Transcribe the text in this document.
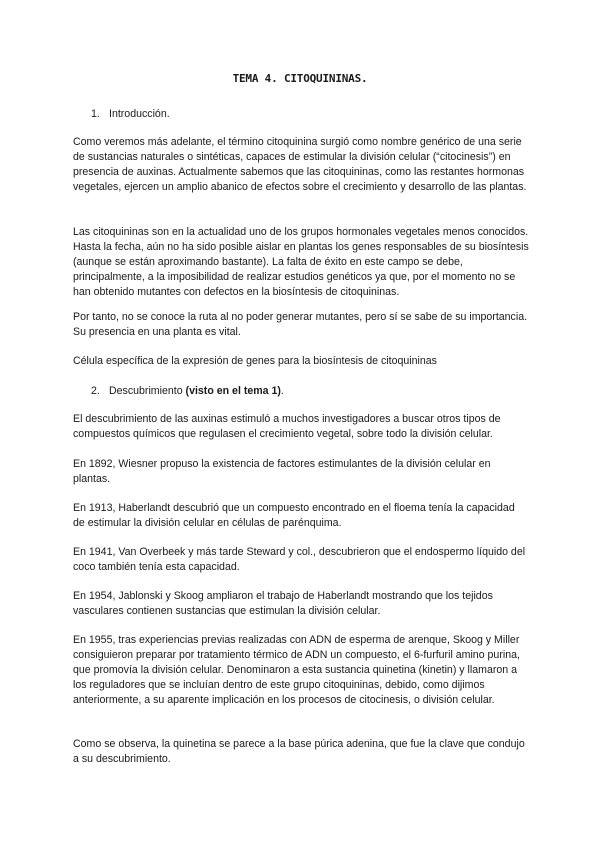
TEMA 4. CITOQUININAS.

1. Introducción.

Como veremos más adelante, el término citoquinina surgió como nombre genérico de una serie de sustancias naturales o sintéticas, capaces de estimular la división celular (“citocinesis”) en presencia de auxinas. Actualmente sabemos que las citoquininas, como las restantes hormonas vegetales, ejercen un amplio abanico de efectos sobre el crecimiento y desarrollo de las plantas.

Las citoquininas son en la actualidad uno de los grupos hormonales vegetales menos conocidos. Hasta la fecha, aún no ha sido posible aislar en plantas los genes responsables de su biosíntesis (aunque se están aproximando bastante). La falta de éxito en este campo se debe, principalmente, a la imposibilidad de realizar estudios genéticos ya que, por el momento no se han obtenido mutantes con defectos en la biosíntesis de citoquininas.

Por tanto, no se conoce la ruta al no poder generar mutantes, pero sí se sabe de su importancia. Su presencia en una planta es vital.

Célula específica de la expresión de genes para la biosíntesis de citoquininas

2. Descubrimiento (visto en el tema 1).

El descubrimiento de las auxinas estimuló a muchos investigadores a buscar otros tipos de compuestos químicos que regulasen el crecimiento vegetal, sobre todo la división celular.

En 1892, Wiesner propuso la existencia de factores estimulantes de la división celular en plantas.

En 1913, Haberlandt descubrió que un compuesto encontrado en el floema tenía la capacidad de estimular la división celular en células de parénquima.

En 1941, Van Overbeek y más tarde Steward y col., descubrieron que el endospermo líquido del coco también tenía esta capacidad.

En 1954, Jablonski y Skoog ampliaron el trabajo de Haberlandt mostrando que los tejidos vasculares contienen sustancias que estimulan la división celular.

En 1955, tras experiencias previas realizadas con ADN de esperma de arenque, Skoog y Miller consiguieron preparar por tratamiento térmico de ADN un compuesto, el 6-furfuril amino purina, que promovía la división celular. Denominaron a esta sustancia quinetina (kinetin) y llamaron a los reguladores que se incluían dentro de este grupo citoquininas, debido, como dijimos anteriormente, a su aparente implicación en los procesos de citocinesis, o división celular.

Como se observa, la quinetina se parece a la base púrica adenina, que fue la clave que condujo a su descubrimiento.
